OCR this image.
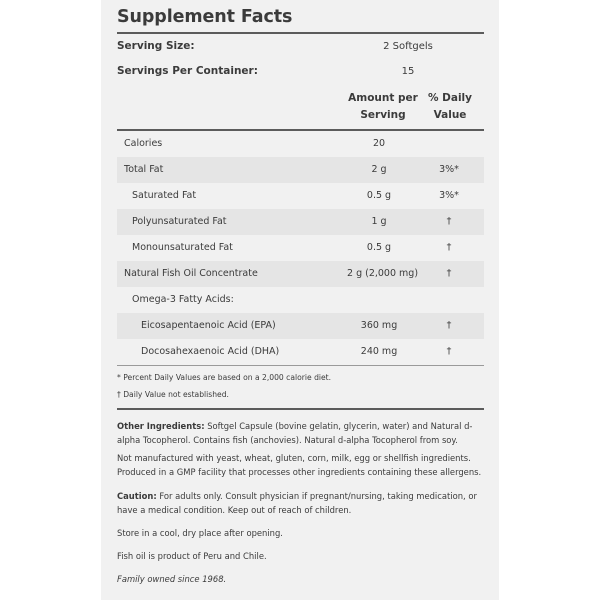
Supplement Facts
Serving Size:	2 Softgels
Servings Per Container:	15
Amount per
Serving
% Daily
Value
Calories	20
Total Fat	2 g	3%*
Saturated Fat	0.5 g	3%*
Polyunsaturated Fat	1 g	†
Monounsaturated Fat	0.5 g	†
Natural Fish Oil Concentrate	2 g (2,000 mg)	†
Omega-3 Fatty Acids:
Eicosapentaenoic Acid (EPA)	360 mg	†
Docosahexaenoic Acid (DHA)	240 mg	†
* Percent Daily Values are based on a 2,000 calorie diet.
† Daily Value not established.
Other Ingredients: Softgel Capsule (bovine gelatin, glycerin, water) and Natural d-alpha Tocopherol. Contains fish (anchovies). Natural d-alpha Tocopherol from soy.
Not manufactured with yeast, wheat, gluten, corn, milk, egg or shellfish ingredients. Produced in a GMP facility that processes other ingredients containing these allergens.
Caution: For adults only. Consult physician if pregnant/nursing, taking medication, or have a medical condition. Keep out of reach of children.
Store in a cool, dry place after opening.
Fish oil is product of Peru and Chile.
Family owned since 1968.
